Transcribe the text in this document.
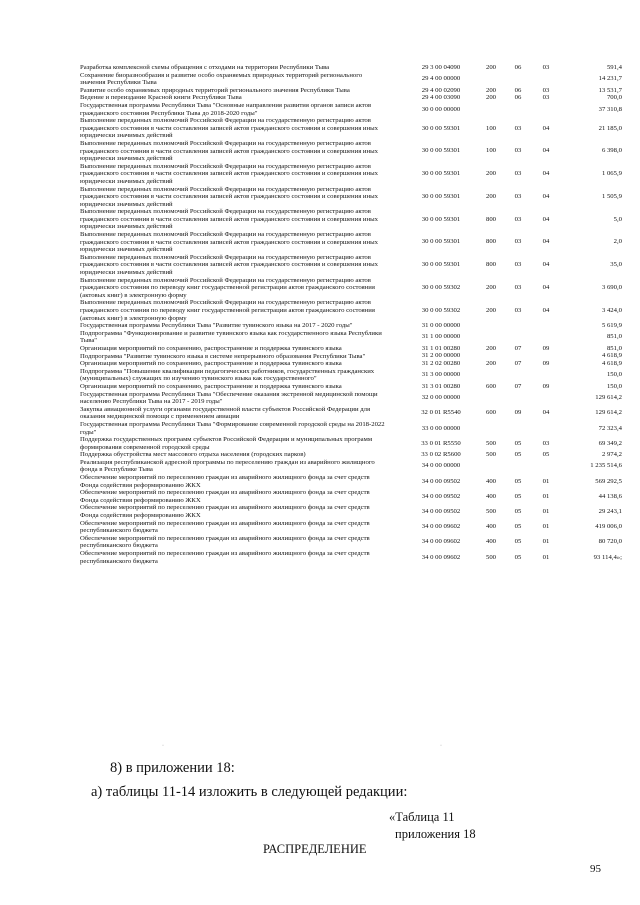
Разработка комплексной схемы обращения с отходами на территории Республики Тыва	29 3 00 04090	200	06	03	591,4
Сохранение биоразнообразия и развитие особо охраняемых природных территорий регионального значения Республики Тыва
29 4 00 00000	14 231,7
Развитие особо охраняемых природных территорий регионального значения Республики Тыва	29 4 00 02090	200	06	03	13 531,7
Ведение и переиздание Красной книги Республики Тыва	29 4 00 03090	200	06	03	700,0
Государственная программа Республики Тыва "Основные направления развития органов записи актов гражданского состояния Республики Тыва до 2018-2020 годы"
30 0 00 00000	37 310,8
Выполнение переданных полномочий Российской Федерации на государственную регистрацию актов гражданского состояния в части составления записей актов гражданского состояния и совершения иных юридически значимых действий
30 0 00 59301	100	03	04	21 185,0
Выполнение переданных полномочий Российской Федерации на государственную регистрацию актов гражданского состояния в части составления записей актов гражданского состояния и совершения иных юридически значимых действий
30 0 00 59301	100	03	04	6 398,0
Выполнение переданных полномочий Российской Федерации на государственную регистрацию актов гражданского состояния в части составления записей актов гражданского состояния и совершения иных юридически значимых действий
30 0 00 59301	200	03	04	1 065,9
Выполнение переданных полномочий Российской Федерации на государственную регистрацию актов гражданского состояния в части составления записей актов гражданского состояния и совершения иных юридически значимых действий
30 0 00 59301	200	03	04	1 505,9
Выполнение переданных полномочий Российской Федерации на государственную регистрацию актов гражданского состояния в части составления записей актов гражданского состояния и совершения иных юридически значимых действий
30 0 00 59301	800	03	04	5,0
Выполнение переданных полномочий Российской Федерации на государственную регистрацию актов гражданского состояния в части составления записей актов гражданского состояния и совершения иных юридически значимых действий
30 0 00 59301	800	03	04	2,0
Выполнение переданных полномочий Российской Федерации на государственную регистрацию актов гражданского состояния в части составления записей актов гражданского состояния и совершения иных юридически значимых действий
30 0 00 59301	800	03	04	35,0
Выполнение переданных полномочий Российской Федерации на государственную регистрацию актов гражданского состояния по переводу книг государственной регистрации актов гражданского состояния (актовых книг) в электронную форму
30 0 00 59302	200	03	04	3 690,0
Выполнение переданных полномочий Российской Федерации на государственную регистрацию актов гражданского состояния по переводу книг государственной регистрации актов гражданского состояния (актовых книг) в электронную форму
30 0 00 59302	200	03	04	3 424,0
Государственная программа Республики Тыва "Развитие тувинского языка на 2017 - 2020 годы"	31 0 00 00000	5 619,9
Подпрограмма "Функционирование и развитие тувинского языка как государственного языка Республики Тыва"
31 1 00 00000	851,0
Организация мероприятий по сохранению, распространение и поддержка тувинского языка	31 1 01 00280	200	07	09	851,0
Подпрограмма "Развитие тувинского языка в системе непрерывного образования Республики Тыва"	31 2 00 00000	4 618,9
Организация мероприятий по сохранению, распространение и поддержка тувинского языка	31 2 02 00280	200	07	09	4 618,9
Подпрограмма "Повышение квалификации педагогических работников, государственных гражданских (муниципальных) служащих по изучению тувинского языка как государственного"
31 3 00 00000	150,0
Организация мероприятий по сохранению, распространение и поддержка тувинского языка	31 3 01 00280	600	07	09	150,0
Государственная программа Республики Тыва "Обеспечение оказания экстренной медицинской помощи населению Республики Тыва на 2017 - 2019 годы"
32 0 00 00000	129 614,2
Закупка авиационной услуги органами государственной власти субъектов Российской Федерации для оказания медицинской помощи с применением авиации
32 0 01 R5540	600	09	04	129 614,2
Государственная программа Республики Тыва "Формирование современной городской среды на 2018-2022 годы"
33 0 00 00000	72 323,4
Поддержка государственных программ субъектов Российской Федерации и муниципальных программ формирования современной городской среды
33 0 01 R5550	500	05	03	69 349,2
Поддержка обустройства мест массового отдыха населения (городских парков)	33 0 02 R5600	500	05	05	2 974,2
Реализация республиканской адресной программы по переселению граждан из аварийного жилищного фонда в Республике Тыва
34 0 00 00000	1 235 514,6
Обеспечение мероприятий по переселению граждан из аварийного жилищного фонда за счет средств Фонда содействия реформированию ЖКХ
34 0 00 09502	400	05	01	569 292,5
Обеспечение мероприятий по переселению граждан из аварийного жилищного фонда за счет средств Фонда содействия реформированию ЖКХ
34 0 00 09502	400	05	01	44 138,6
Обеспечение мероприятий по переселению граждан из аварийного жилищного фонда за счет средств Фонда содействия реформированию ЖКХ
34 0 00 09502	500	05	01	29 243,1
Обеспечение мероприятий по переселению граждан из аварийного жилищного фонда за счет средств республиканского бюджета
34 0 00 09602	400	05	01	419 006,0
Обеспечение мероприятий по переселению граждан из аварийного жилищного фонда за счет средств республиканского бюджета
34 0 00 09602	400	05	01	80 720,0
Обеспечение мероприятий по переселению граждан из аварийного жилищного фонда за счет средств республиканского бюджета
34 0 00 09602	500	05	01	93 114,4»;
·	·
8) в приложении 18:
а) таблицы 11-14 изложить в следующей редакции:
«Таблица 11
приложения 18
РАСПРЕДЕЛЕНИЕ
95
